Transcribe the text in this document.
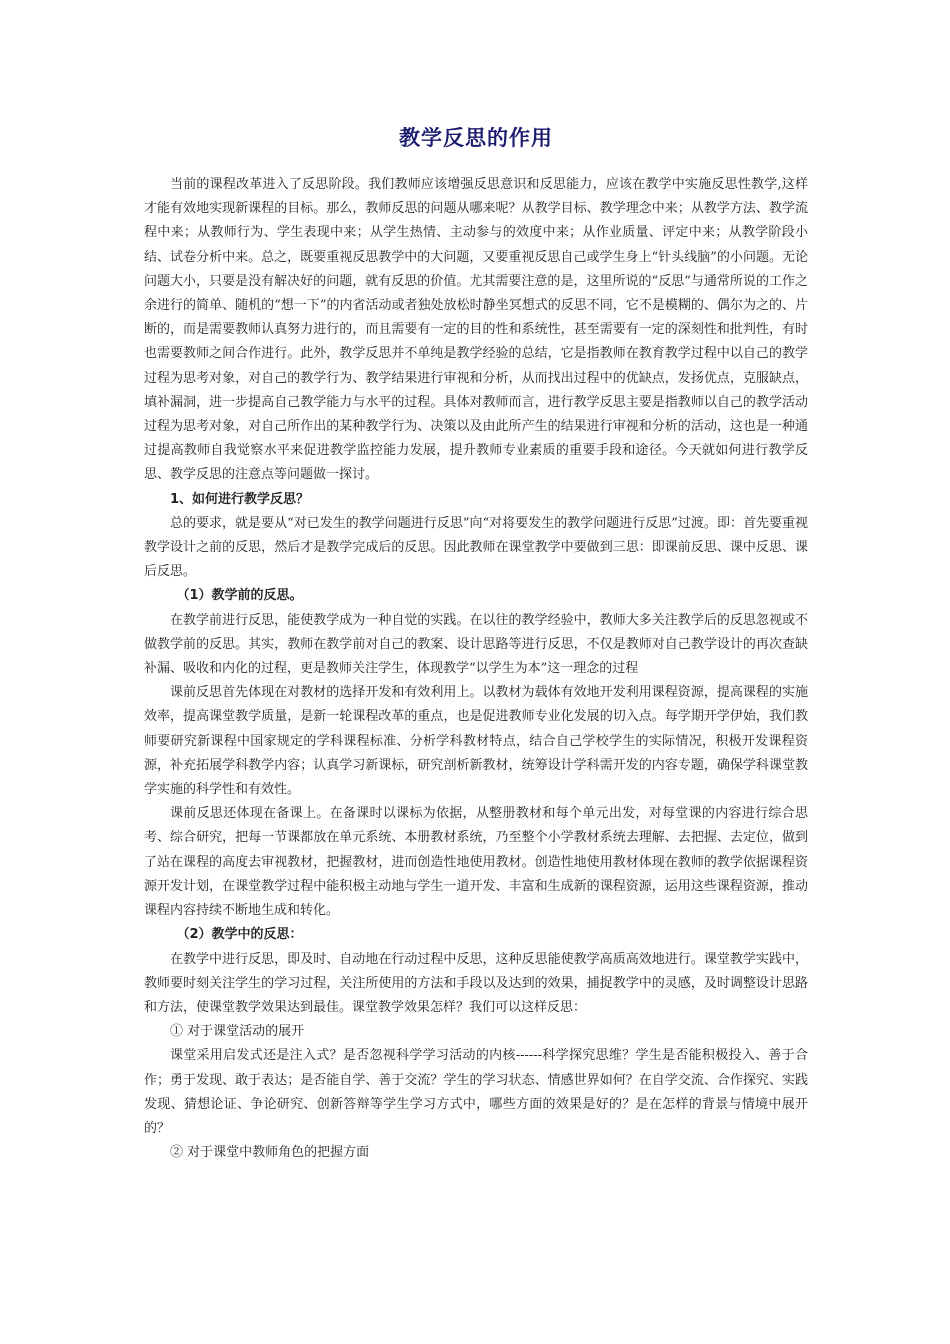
教学反思的作用

当前的课程改革进入了反思阶段。我们教师应该增强反思意识和反思能力，应该在教学中实施反思性教学,这样才能有效地实现新课程的目标。那么，教师反思的问题从哪来呢？从教学目标、教学理念中来；从教学方法、教学流程中来；从教师行为、学生表现中来；从学生热情、主动参与的效度中来；从作业质量、评定中来；从教学阶段小结、试卷分析中来。总之，既要重视反思教学中的大问题，又要重视反思自己或学生身上“针头线脑”的小问题。无论问题大小，只要是没有解决好的问题，就有反思的价值。尤其需要注意的是，这里所说的“反思”与通常所说的工作之余进行的简单、随机的“想一下”的内省活动或者独处放松时静坐冥想式的反思不同，它不是模糊的、偶尔为之的、片断的，而是需要教师认真努力进行的，而且需要有一定的目的性和系统性，甚至需要有一定的深刻性和批判性，有时也需要教师之间合作进行。此外，教学反思并不单纯是教学经验的总结，它是指教师在教育教学过程中以自己的教学过程为思考对象，对自己的教学行为、教学结果进行审视和分析，从而找出过程中的优缺点，发扬优点，克服缺点，填补漏洞，进一步提高自己教学能力与水平的过程。具体对教师而言，进行教学反思主要是指教师以自己的教学活动过程为思考对象，对自己所作出的某种教学行为、决策以及由此所产生的结果进行审视和分析的活动，这也是一种通过提高教师自我觉察水平来促进教学监控能力发展，提升教师专业素质的重要手段和途径。今天就如何进行教学反思、教学反思的注意点等问题做一探讨。

1、如何进行教学反思？

总的要求，就是要从“对已发生的教学问题进行反思”向“对将要发生的教学问题进行反思”过渡。即：首先要重视教学设计之前的反思，然后才是教学完成后的反思。因此教师在课堂教学中要做到三思：即课前反思、课中反思、课后反思。

（1）教学前的反思。

在教学前进行反思，能使教学成为一种自觉的实践。在以往的教学经验中，教师大多关注教学后的反思忽视或不做教学前的反思。其实，教师在教学前对自己的教案、设计思路等进行反思，不仅是教师对自己教学设计的再次查缺补漏、吸收和内化的过程，更是教师关注学生，体现教学“以学生为本”这一理念的过程

课前反思首先体现在对教材的选择开发和有效利用上。以教材为载体有效地开发利用课程资源，提高课程的实施效率，提高课堂教学质量，是新一轮课程改革的重点，也是促进教师专业化发展的切入点。每学期开学伊始，我们教师要研究新课程中国家规定的学科课程标准、分析学科教材特点，结合自己学校学生的实际情况，积极开发课程资源，补充拓展学科教学内容；认真学习新课标，研究剖析新教材，统筹设计学科需开发的内容专题，确保学科课堂教学实施的科学性和有效性。

课前反思还体现在备课上。在备课时以课标为依据，从整册教材和每个单元出发，对每堂课的内容进行综合思考、综合研究，把每一节课都放在单元系统、本册教材系统，乃至整个小学教材系统去理解、去把握、去定位，做到了站在课程的高度去审视教材，把握教材，进而创造性地使用教材。创造性地使用教材体现在教师的教学依据课程资源开发计划，在课堂教学过程中能积极主动地与学生一道开发、丰富和生成新的课程资源，运用这些课程资源，推动课程内容持续不断地生成和转化。

（2）教学中的反思：

在教学中进行反思，即及时、自动地在行动过程中反思，这种反思能使教学高质高效地进行。课堂教学实践中，教师要时刻关注学生的学习过程，关注所使用的方法和手段以及达到的效果，捕捉教学中的灵感，及时调整设计思路和方法，使课堂教学效果达到最佳。课堂教学效果怎样？我们可以这样反思：

① 对于课堂活动的展开

课堂采用启发式还是注入式？是否忽视科学学习活动的内核------科学探究思维？学生是否能积极投入、善于合作；勇于发现、敢于表达；是否能自学、善于交流？学生的学习状态、情感世界如何？在自学交流、合作探究、实践发现、猜想论证、争论研究、创新答辩等学生学习方式中，哪些方面的效果是好的？是在怎样的背景与情境中展开的？

② 对于课堂中教师角色的把握方面
